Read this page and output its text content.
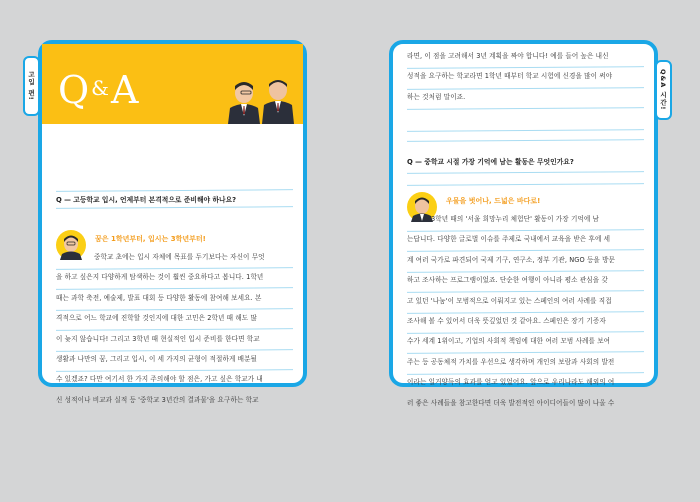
고입 편! Q&A
Q — 고등학교 입시, 언제부터 본격적으로 준비해야 하나요?
꿈은 1학년부터, 입시는 3학년부터!
중학교 초에는 입시 자체에 목표를 두기보다는 자신이 무엇
을 하고 싶은지 다양하게 탐색하는 것이 훨씬 중요하다고 봅니다. 1학년
때는 과학 축전, 예술제, 발표 대회 등 다양한 활동에 참여해 보세요. 본
격적으로 어느 학교에 진학할 것인지에 대한 고민은 2학년 때 해도 많
이 늦지 않습니다! 그리고 3학년 때 현실적인 입시 준비를 한다면 학교
생활과 나만의 꿈, 그리고 입시, 이 세 가지의 균형이 적절하게 배분될
수 있겠죠? 다만 여기서 한 가지 주의해야 할 점은, 가고 싶은 학교가 내
신 성적이나 비교과 실적 등 '중학교 3년간의 결과물'을 요구하는 학교
라면, 이 점을 고려해서 3년 계획을 짜야 합니다! 예를 들어 높은 내신
성적을 요구하는 학교라면 1학년 때부터 학교 시험에 신경을 많이 써야
하는 것처럼 말이죠.
Q — 중학교 시절 가장 기억에 남는 활동은 무엇인가요?
우물을 벗어나, 드넓은 바다로!
3학년 때의 '서울 희망누리 체험단' 활동이 가장 기억에 남
는답니다. 다양한 글로벌 이슈를 주제로 국내에서 교육을 받은 후에 세
계 여러 국가로 파견되어 국제 기구, 연구소, 정부 기관, NGO 등을 방문
하고 조사하는 프로그램이었죠. 단순한 여행이 아니라 평소 관심을 갖
고 있던 '나눔'이 모범적으로 이뤄지고 있는 스페인의 여러 사례를 직접
조사해 볼 수 있어서 더욱 뜻깊었던 것 같아요. 스페인은 장기 기증자
수가 세계 1위이고, 기업의 사회적 책임에 대한 여러 모범 사례를 보여
주는 등 공동체적 가치를 우선으로 생각하며 개인의 보람과 사회의 발전
이라는 일거양득의 효과를 얻고 있었어요. 앞으로 우리나라도 해외의 여
러 좋은 사례들을 참고한다면 더욱 발전적인 아이디어들이 많이 나올 수
Q&A 시간!
